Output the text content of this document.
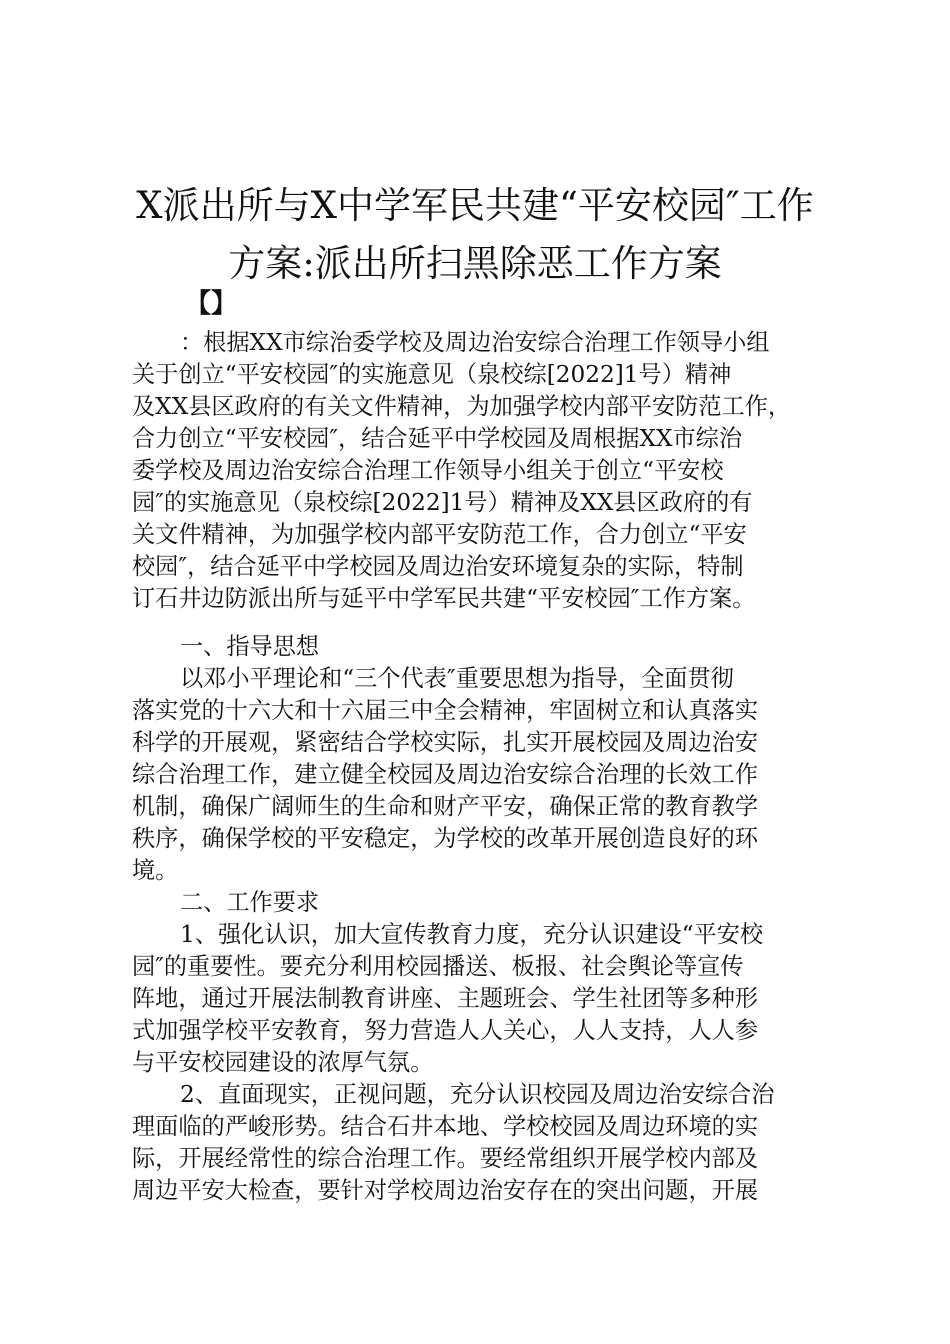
X派出所与X中学军民共建“平安校园″工作
方案:派出所扫黑除恶工作方案
【】
：根据XX市综治委学校及周边治安综合治理工作领导小组
关于创立“平安校园″的实施意见（泉校综[2022]1号）精神
及XX县区政府的有关文件精神，为加强学校内部平安防范工作，
合力创立“平安校园″，结合延平中学校园及周根据XX市综治
委学校及周边治安综合治理工作领导小组关于创立“平安校
园″的实施意见（泉校综[2022]1号）精神及XX县区政府的有
关文件精神，为加强学校内部平安防范工作，合力创立“平安
校园″，结合延平中学校园及周边治安环境复杂的实际，特制
订石井边防派出所与延平中学军民共建“平安校园″工作方案。
一、指导思想
以邓小平理论和“三个代表″重要思想为指导，全面贯彻
落实党的十六大和十六届三中全会精神，牢固树立和认真落实
科学的开展观，紧密结合学校实际，扎实开展校园及周边治安
综合治理工作，建立健全校园及周边治安综合治理的长效工作
机制，确保广阔师生的生命和财产平安，确保正常的教育教学
秩序，确保学校的平安稳定，为学校的改革开展创造良好的环
境。
二、工作要求
1、强化认识，加大宣传教育力度，充分认识建设“平安校
园″的重要性。要充分利用校园播送、板报、社会舆论等宣传
阵地，通过开展法制教育讲座、主题班会、学生社团等多种形
式加强学校平安教育，努力营造人人关心，人人支持，人人参
与平安校园建设的浓厚气氛。
2、直面现实，正视问题，充分认识校园及周边治安综合治
理面临的严峻形势。结合石井本地、学校校园及周边环境的实
际，开展经常性的综合治理工作。要经常组织开展学校内部及
周边平安大检查，要针对学校周边治安存在的突出问题，开展
